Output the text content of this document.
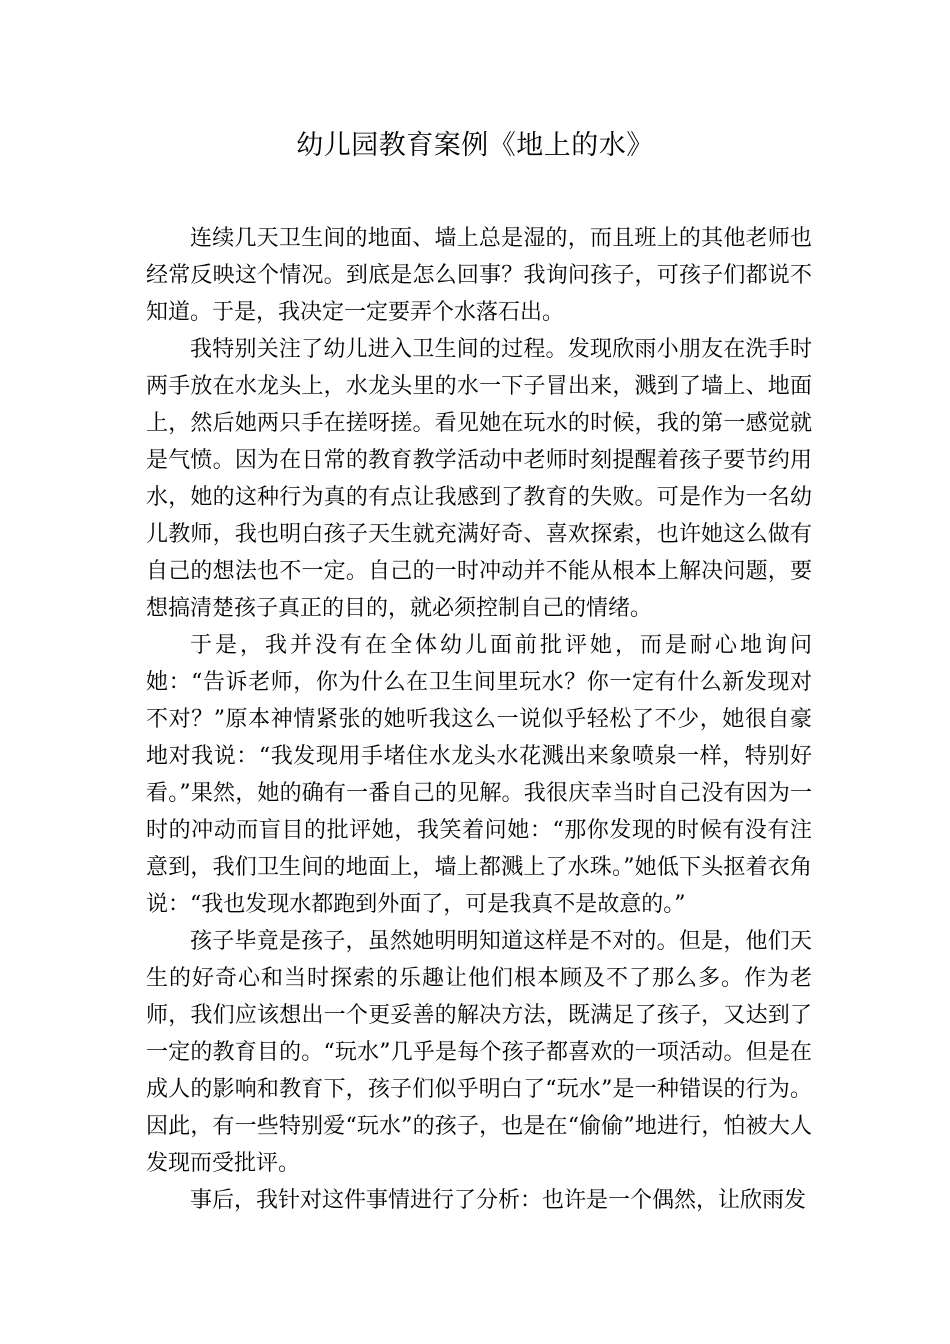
幼儿园教育案例《地上的水》

连续几天卫生间的地面、墙上总是湿的，而且班上的其他老师也经常反映这个情况。到底是怎么回事？我询问孩子，可孩子们都说不知道。于是，我决定一定要弄个水落石出。

我特别关注了幼儿进入卫生间的过程。发现欣雨小朋友在洗手时两手放在水龙头上，水龙头里的水一下子冒出来，溅到了墙上、地面上，然后她两只手在搓呀搓。看见她在玩水的时候，我的第一感觉就是气愤。因为在日常的教育教学活动中老师时刻提醒着孩子要节约用水，她的这种行为真的有点让我感到了教育的失败。可是作为一名幼儿教师，我也明白孩子天生就充满好奇、喜欢探索，也许她这么做有自己的想法也不一定。自己的一时冲动并不能从根本上解决问题，要想搞清楚孩子真正的目的，就必须控制自己的情绪。

于是，我并没有在全体幼儿面前批评她，而是耐心地询问她：“告诉老师，你为什么在卫生间里玩水？你一定有什么新发现对不对？”原本神情紧张的她听我这么一说似乎轻松了不少，她很自豪地对我说：“我发现用手堵住水龙头水花溅出来象喷泉一样，特别好看。”果然，她的确有一番自己的见解。我很庆幸当时自己没有因为一时的冲动而盲目的批评她，我笑着问她：“那你发现的时候有没有注意到，我们卫生间的地面上，墙上都溅上了水珠。”她低下头抠着衣角说：“我也发现水都跑到外面了，可是我真不是故意的。”

孩子毕竟是孩子，虽然她明明知道这样是不对的。但是，他们天生的好奇心和当时探索的乐趣让他们根本顾及不了那么多。作为老师，我们应该想出一个更妥善的解决方法，既满足了孩子，又达到了一定的教育目的。“玩水”几乎是每个孩子都喜欢的一项活动。但是在成人的影响和教育下，孩子们似乎明白了“玩水”是一种错误的行为。因此，有一些特别爱“玩水”的孩子，也是在“偷偷”地进行，怕被大人发现而受批评。

事后，我针对这件事情进行了分析：也许是一个偶然，让欣雨发
